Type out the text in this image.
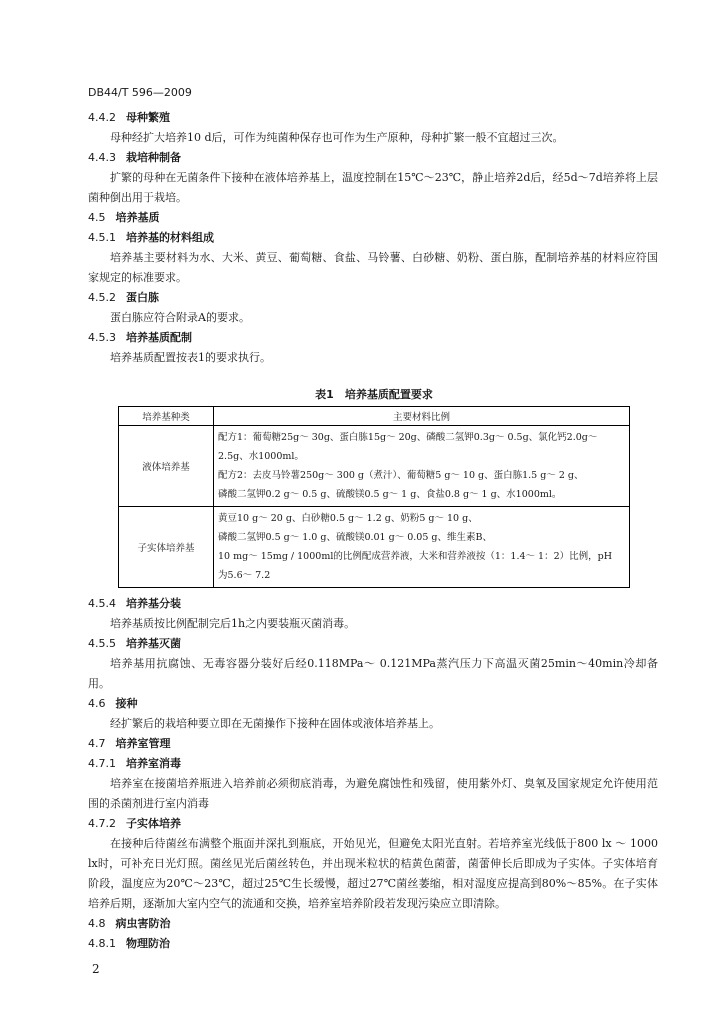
DB44/T 596—2009
4.4.2 母种繁殖

母种经扩大培养10 d后，可作为纯菌种保存也可作为生产原种，母种扩繁一般不宜超过三次。

4.4.3 栽培种制备

扩繁的母种在无菌条件下接种在液体培养基上，温度控制在15℃～23℃，静止培养2d后，经5d～7d培养将上层菌种倒出用于栽培。

4.5 培养基质
4.5.1 培养基的材料组成

培养基主要材料为水、大米、黄豆、葡萄糖、食盐、马铃薯、白砂糖、奶粉、蛋白胨，配制培养基的材料应符国家规定的标准要求。

4.5.2 蛋白胨

蛋白胨应符合附录A的要求。

4.5.3 培养基质配制

培养基质配置按表1的要求执行。

表1　培养基质配置要求
培养基种类	主要材料比例
液体培养基	配方1：葡萄糖25g～ 30g、蛋白胨15g～ 20g、磷酸二氢钾0.3g～ 0.5g、氯化钙2.0g～
2.5g、水1000ml。
配方2：去皮马铃薯250g～ 300 g（煮汁）、葡萄糖5 g～ 10 g、蛋白胨1.5 g～ 2 g、
磷酸二氢钾0.2 g～ 0.5 g、硫酸镁0.5 g～ 1 g、食盐0.8 g～ 1 g、水1000ml。

子实体培养基	黄豆10 g～ 20 g、白砂糖0.5 g～ 1.2 g、奶粉5 g～ 10 g、
磷酸二氢钾0.5 g～ 1.0 g、硫酸镁0.01 g～ 0.05 g、维生素B、
10 mg～ 15mg / 1000ml的比例配成营养液，大米和营养液按（1：1.4～ 1：2）比例，pH
为5.6～ 7.2
4.5.4 培养基分装

培养基质按比例配制完后1h之内要装瓶灭菌消毒。

4.5.5 培养基灭菌

培养基用抗腐蚀、无毒容器分装好后经0.118MPa～ 0.121MPa蒸汽压力下高温灭菌25min～40min冷却备用。

4.6 接种

经扩繁后的栽培种要立即在无菌操作下接种在固体或液体培养基上。

4.7 培养室管理
4.7.1 培养室消毒

培养室在接菌培养瓶进入培养前必须彻底消毒，为避免腐蚀性和残留，使用紫外灯、臭氧及国家规定允许使用范围的杀菌剂进行室内消毒

4.7.2 子实体培养

在接种后待菌丝布满整个瓶面并深扎到瓶底，开始见光，但避免太阳光直射。若培养室光线低于800 lx ～ 1000 lx时，可补充日光灯照。菌丝见光后菌丝转色，并出现米粒状的桔黄色菌蕾，菌蕾伸长后即成为子实体。子实体培育阶段，温度应为20℃～23℃，超过25℃生长缓慢，超过27℃菌丝萎缩，相对湿度应提高到80%～85%。在子实体培养后期，逐渐加大室内空气的流通和交换，培养室培养阶段若发现污染应立即清除。

4.8 病虫害防治
4.8.1 物理防治
2
